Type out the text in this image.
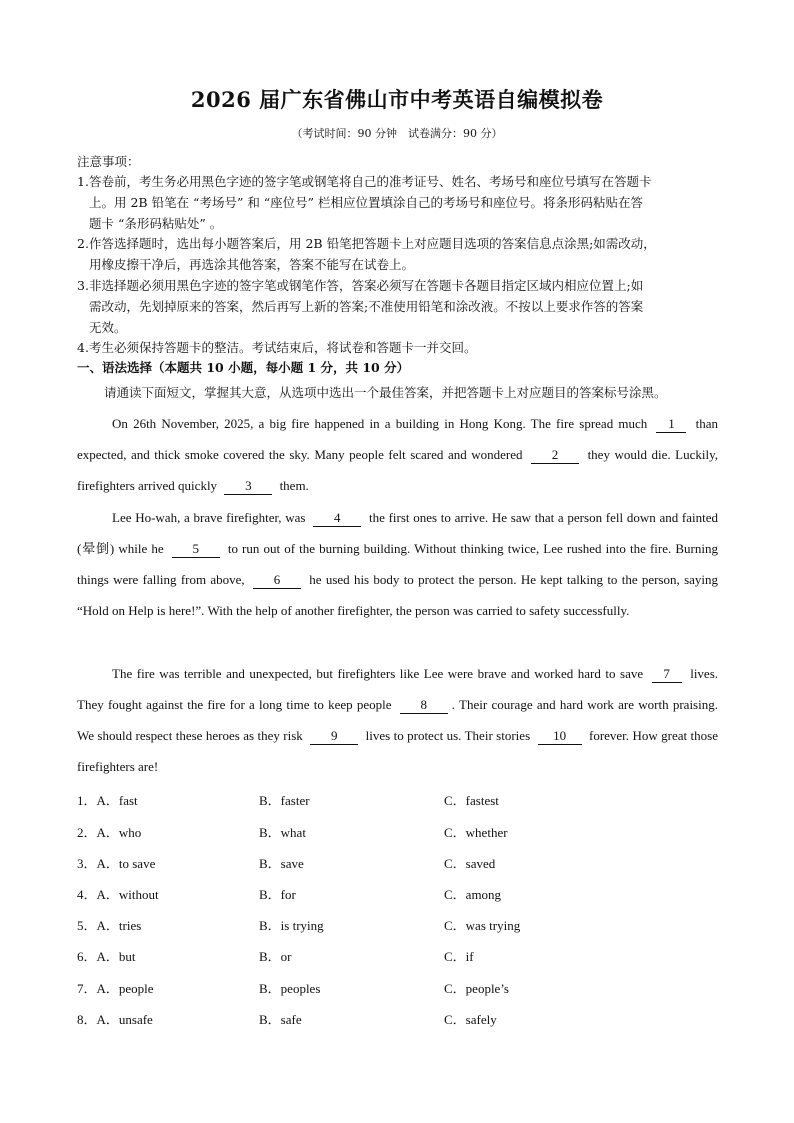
2026 届广东省佛山市中考英语自编模拟卷
（考试时间：90 分钟　试卷满分：90 分）
注意事项：
1. 答卷前，考生务必用黑色字迹的签字笔或钢笔将自己的准考证号、姓名、考场号和座位号填写在答题卡
上。用 2B 铅笔在 “考场号” 和 “座位号” 栏相应位置填涂自己的考场号和座位号。将条形码粘贴在答
题卡 “条形码粘贴处” 。
2. 作答选择题时，选出每小题答案后，用 2B 铅笔把答题卡上对应题目选项的答案信息点涂黑;如需改动，
用橡皮擦干净后，再选涂其他答案，答案不能写在试卷上。
3. 非选择题必须用黑色字迹的签字笔或钢笔作答，答案必须写在答题卡各题目指定区域内相应位置上;如
需改动，先划掉原来的答案，然后再写上新的答案;不准使用铅笔和涂改液。不按以上要求作答的答案
无效。
4. 考生必须保持答题卡的整洁。考试结束后，将试卷和答题卡一并交回。
一、语法选择（本题共 10 小题，每小题 1 分，共 10 分）
请通读下面短文，掌握其大意，从选项中选出一个最佳答案，并把答题卡上对应题目的答案标号涂黑。
On 26th November, 2025, a big fire happened in a building in Hong Kong. The fire spread much 1 than expected, and thick smoke covered the sky. Many people felt scared and wondered 2 they would die. Luckily, firefighters arrived quickly 3 them.
Lee Ho-wah, a brave firefighter, was 4 the first ones to arrive. He saw that a person fell down and fainted (晕倒) while he 5 to run out of the burning building. Without thinking twice, Lee rushed into the fire. Burning things were falling from above, 6 he used his body to protect the person. He kept talking to the person, saying “Hold on Help is here!”. With the help of another firefighter, the person was carried to safety successfully.
The fire was terrible and unexpected, but firefighters like Lee were brave and worked hard to save 7 lives. They fought against the fire for a long time to keep people 8 . Their courage and hard work are worth praising. We should respect these heroes as they risk 9 lives to protect us. Their stories 10 forever. How great those firefighters are!
1．A．fast	B．faster	C．fastest
2．A．who	B．what	C．whether
3．A．to save	B．save	C．saved
4．A．without	B．for	C．among
5．A．tries	B．is trying	C．was trying
6．A．but	B．or	C．if
7．A．people	B．peoples	C．people’s
8．A．unsafe	B．safe	C．safely
